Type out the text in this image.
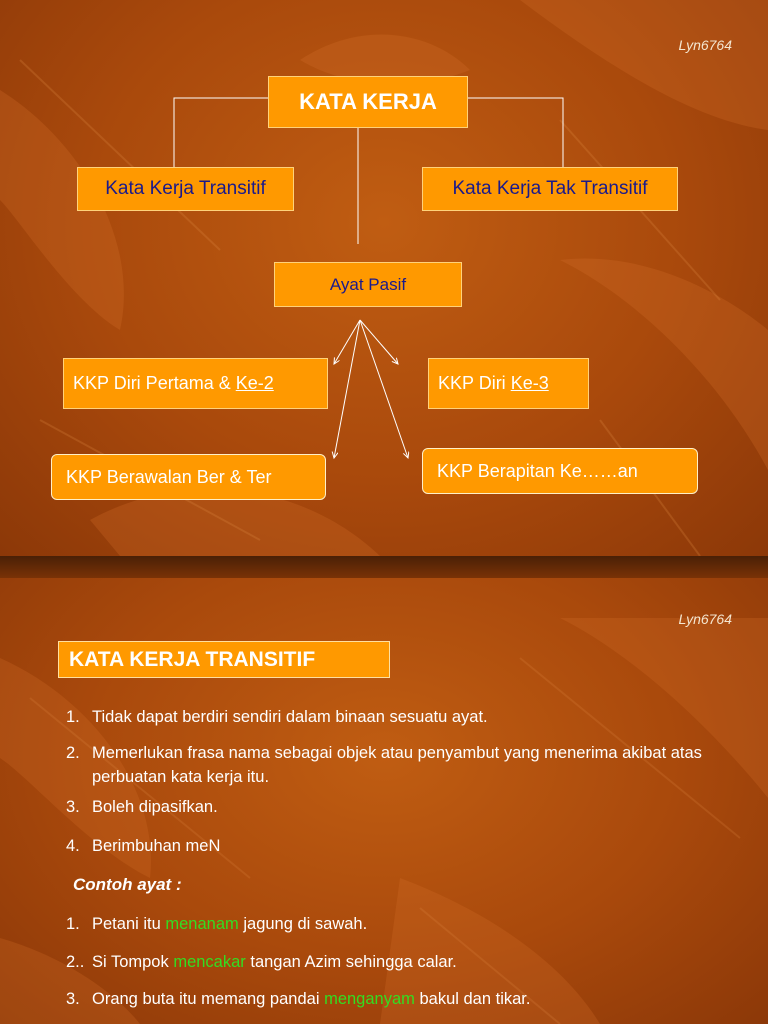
Lyn6764
KATA KERJA
Kata Kerja Transitif	Kata Kerja Tak Transitif
Ayat Pasif
KKP Diri Pertama & Ke-2	KKP Diri Ke-3
KKP Berawalan Ber & Ter	KKP Berapitan Ke……an
Lyn6764
KATA KERJA TRANSITIF
1. Tidak dapat berdiri sendiri dalam binaan sesuatu ayat.
2. Memerlukan frasa nama sebagai objek atau penyambut yang menerima akibat atas perbuatan kata kerja itu.
3. Boleh dipasifkan.
4. Berimbuhan meN
Contoh ayat :
1. Petani itu menanam jagung di sawah.
2.. Si Tompok mencakar tangan Azim sehingga calar.
3. Orang buta itu memang pandai menganyam bakul dan tikar.
